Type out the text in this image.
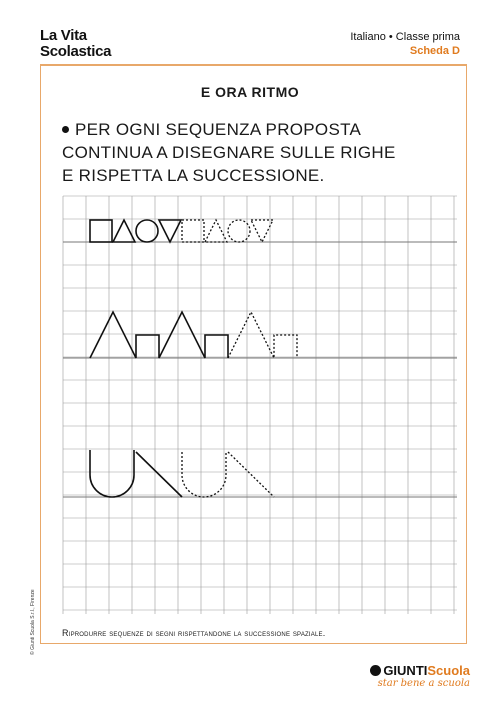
La Vita
Scolastica
Italiano • Classe prima
Scheda D
E ORA RITMO
PER OGNI SEQUENZA PROPOSTA
CONTINUA A DISEGNARE SULLE RIGHE
E RISPETTA LA SUCCESSIONE.
Riprodurre sequenze di segni rispettandone la successione spaziale.
© Giunti Scuola S.r.l., Firenze
GIUNTIScuola
star bene a scuola
